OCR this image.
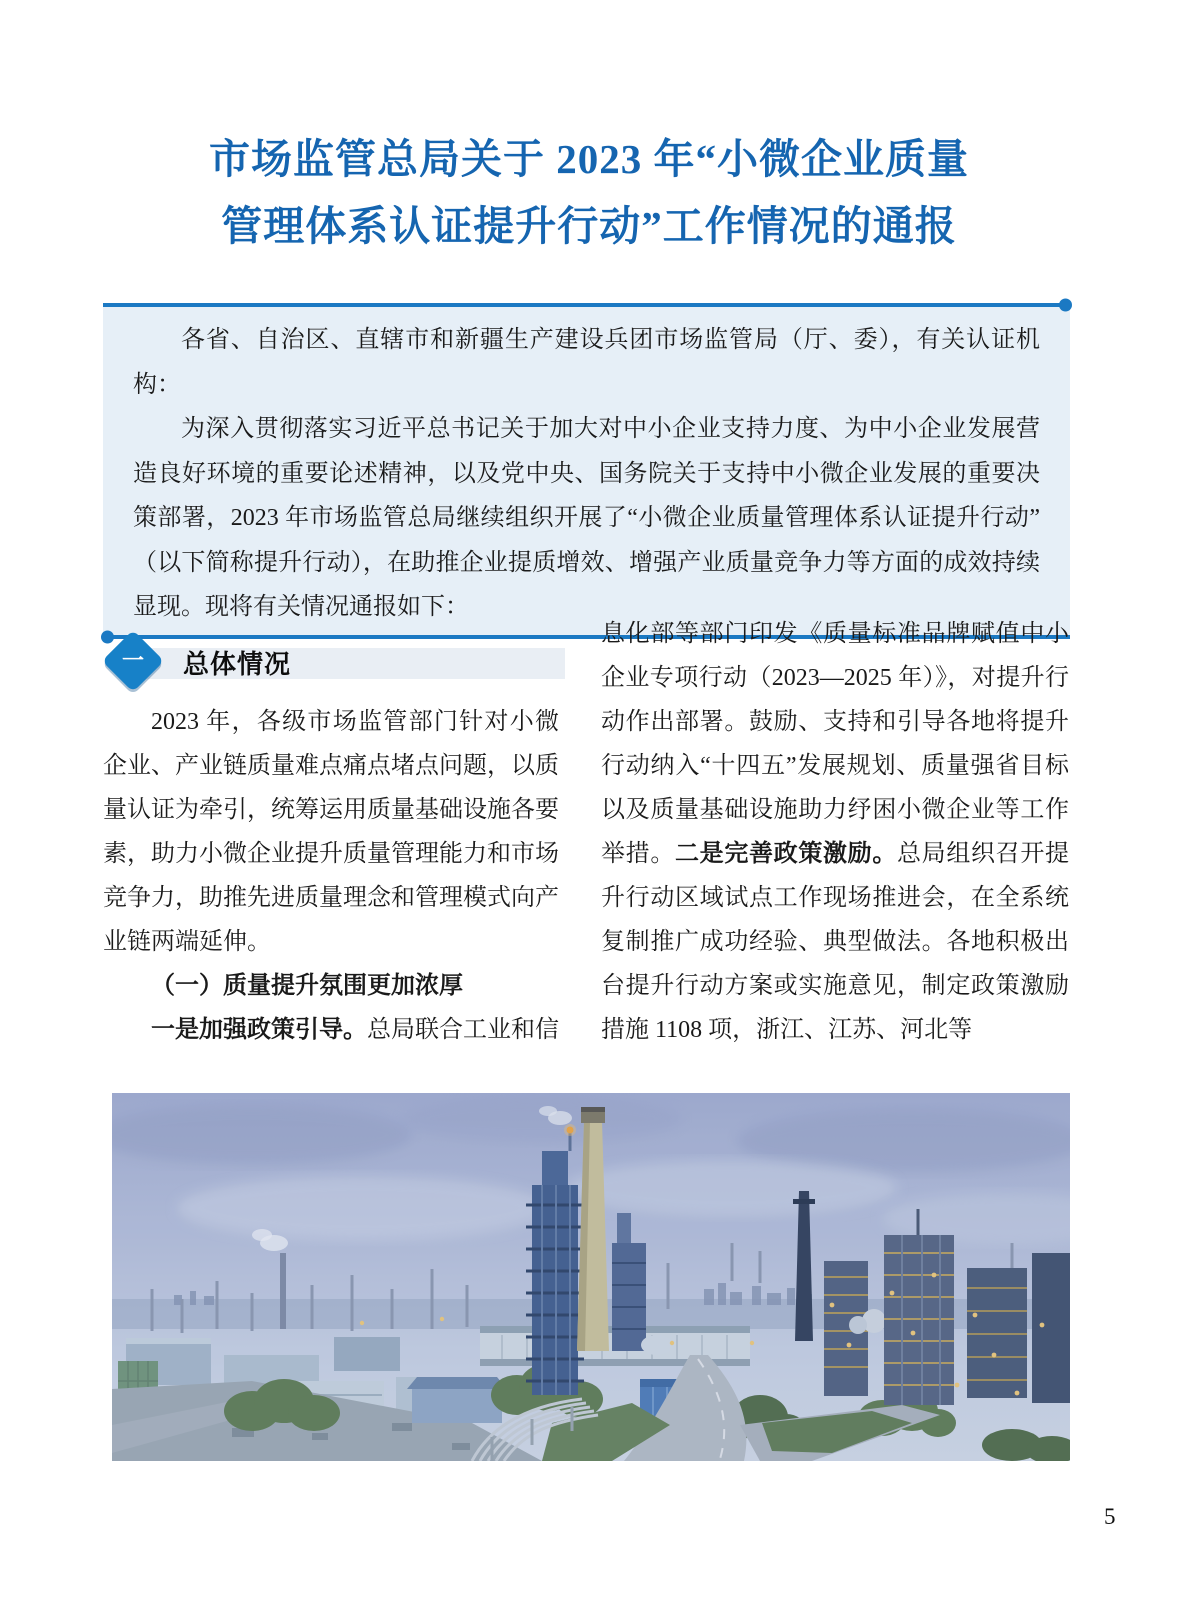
市场监管总局关于 2023 年“小微企业质量
管理体系认证提升行动”工作情况的通报

各省、自治区、直辖市和新疆生产建设兵团市场监管局（厅、委），有关认证机构：

为深入贯彻落实习近平总书记关于加大对中小企业支持力度、为中小企业发展营造良好环境的重要论述精神，以及党中央、国务院关于支持中小微企业发展的重要决策部署，2023 年市场监管总局继续组织开展了“小微企业质量管理体系认证提升行动”（以下简称提升行动），在助推企业提质增效、增强产业质量竞争力等方面的成效持续显现。现将有关情况通报如下：

一 总体情况

2023 年，各级市场监管部门针对小微企业、产业链质量难点痛点堵点问题，以质量认证为牵引，统筹运用质量基础设施各要素，助力小微企业提升质量管理能力和市场竞争力，助推先进质量理念和管理模式向产业链两端延伸。

（一）质量提升氛围更加浓厚

一是加强政策引导。总局联合工业和信

息化部等部门印发《质量标准品牌赋值中小企业专项行动（2023—2025 年）》，对提升行动作出部署。鼓励、支持和引导各地将提升行动纳入“十四五”发展规划、质量强省目标以及质量基础设施助力纾困小微企业等工作举措。二是完善政策激励。总局组织召开提升行动区域试点工作现场推进会，在全系统复制推广成功经验、典型做法。各地积极出台提升行动方案或实施意见，制定政策激励措施 1108 项，浙江、江苏、河北等

5
